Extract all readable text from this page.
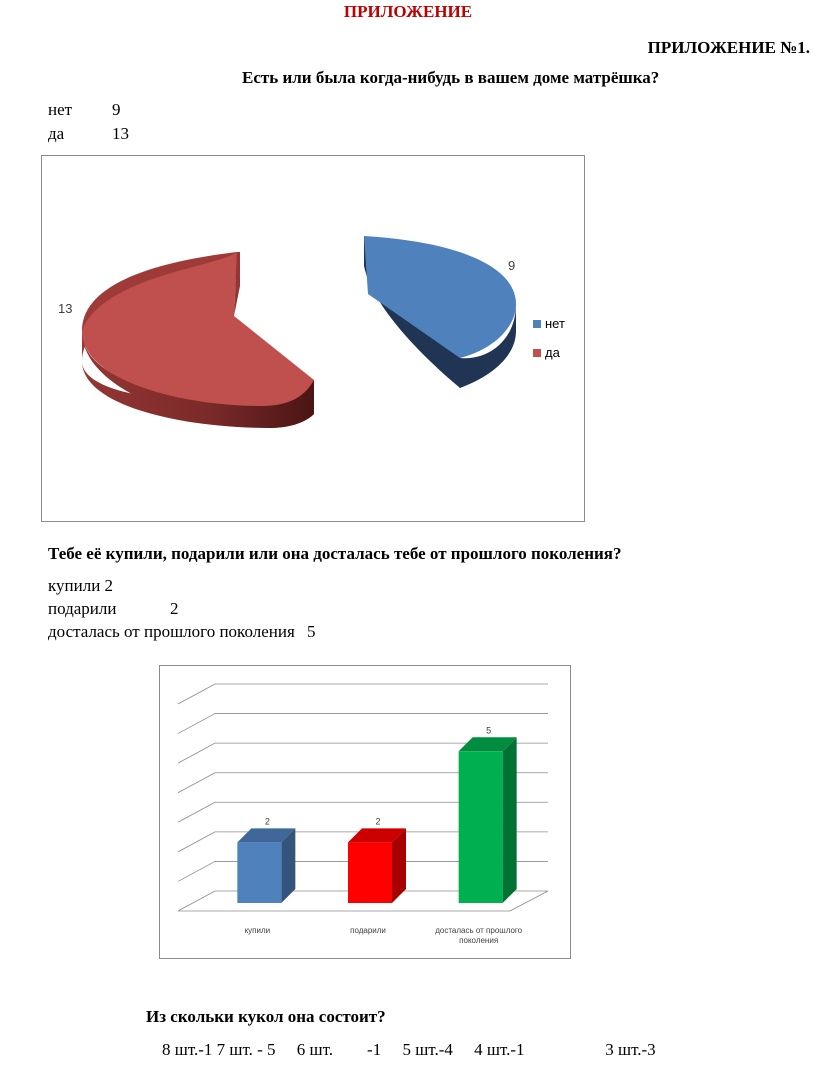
ПРИЛОЖЕНИЕ
ПРИЛОЖЕНИЕ №1.
Есть или была когда-нибудь в вашем доме матрёшка?
нет 9
да	13
9
13
нет
да
Тебе её купили, подарили или она досталась тебе от прошлого поколения?
купили 2
подарили	2
досталась от прошлого поколения 5
2
купили
2
подарили
5
досталась от прошлого
поколения
Из скольки кукол она состоит?
8 шт.-1 7 шт. - 5     6 шт.        -1     5 шт.-4     4 шт.-1                   3 шт.-3
